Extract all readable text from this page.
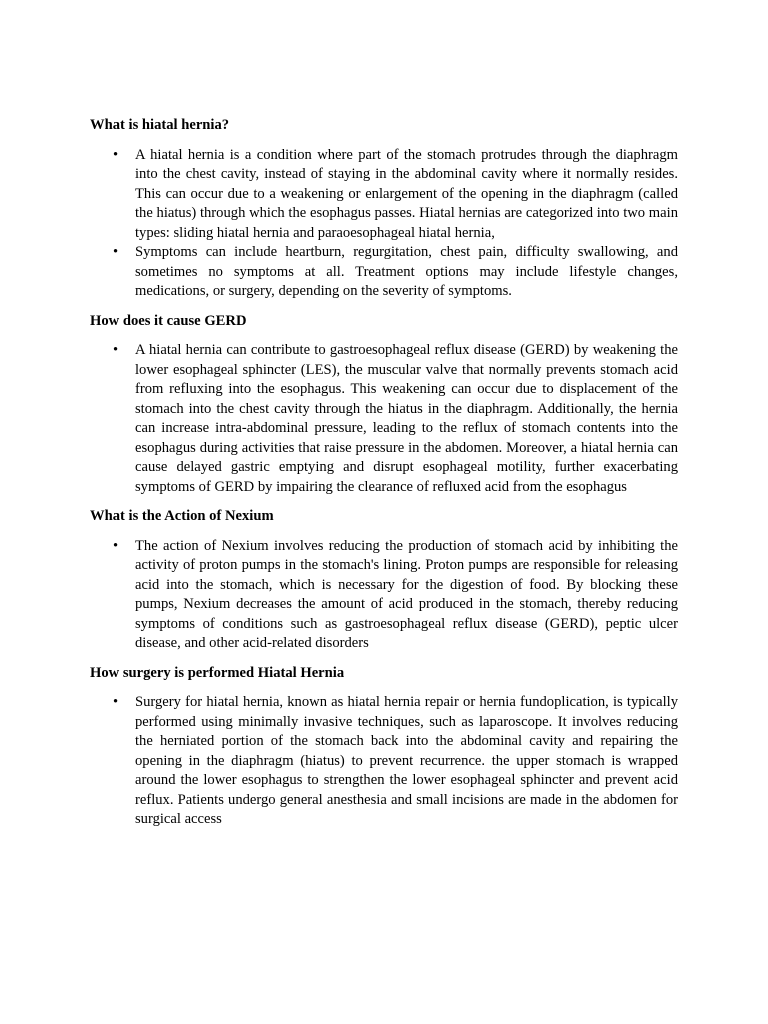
What is hiatal hernia?

• A hiatal hernia is a condition where part of the stomach protrudes through the diaphragm into the chest cavity, instead of staying in the abdominal cavity where it normally resides. This can occur due to a weakening or enlargement of the opening in the diaphragm (called the hiatus) through which the esophagus passes. Hiatal hernias are categorized into two main types: sliding hiatal hernia and paraoesophageal hiatal hernia,
• Symptoms can include heartburn, regurgitation, chest pain, difficulty swallowing, and sometimes no symptoms at all. Treatment options may include lifestyle changes, medications, or surgery, depending on the severity of symptoms.

How does it cause GERD

• A hiatal hernia can contribute to gastroesophageal reflux disease (GERD) by weakening the lower esophageal sphincter (LES), the muscular valve that normally prevents stomach acid from refluxing into the esophagus. This weakening can occur due to displacement of the stomach into the chest cavity through the hiatus in the diaphragm. Additionally, the hernia can increase intra-abdominal pressure, leading to the reflux of stomach contents into the esophagus during activities that raise pressure in the abdomen. Moreover, a hiatal hernia can cause delayed gastric emptying and disrupt esophageal motility, further exacerbating symptoms of GERD by impairing the clearance of refluxed acid from the esophagus

What is the Action of Nexium

• The action of Nexium involves reducing the production of stomach acid by inhibiting the activity of proton pumps in the stomach's lining. Proton pumps are responsible for releasing acid into the stomach, which is necessary for the digestion of food. By blocking these pumps, Nexium decreases the amount of acid produced in the stomach, thereby reducing symptoms of conditions such as gastroesophageal reflux disease (GERD), peptic ulcer disease, and other acid-related disorders

How surgery is performed Hiatal Hernia

• Surgery for hiatal hernia, known as hiatal hernia repair or hernia fundoplication, is typically performed using minimally invasive techniques, such as laparoscope. It involves reducing the herniated portion of the stomach back into the abdominal cavity and repairing the opening in the diaphragm (hiatus) to prevent recurrence. the upper stomach is wrapped around the lower esophagus to strengthen the lower esophageal sphincter and prevent acid reflux. Patients undergo general anesthesia and small incisions are made in the abdomen for surgical access
